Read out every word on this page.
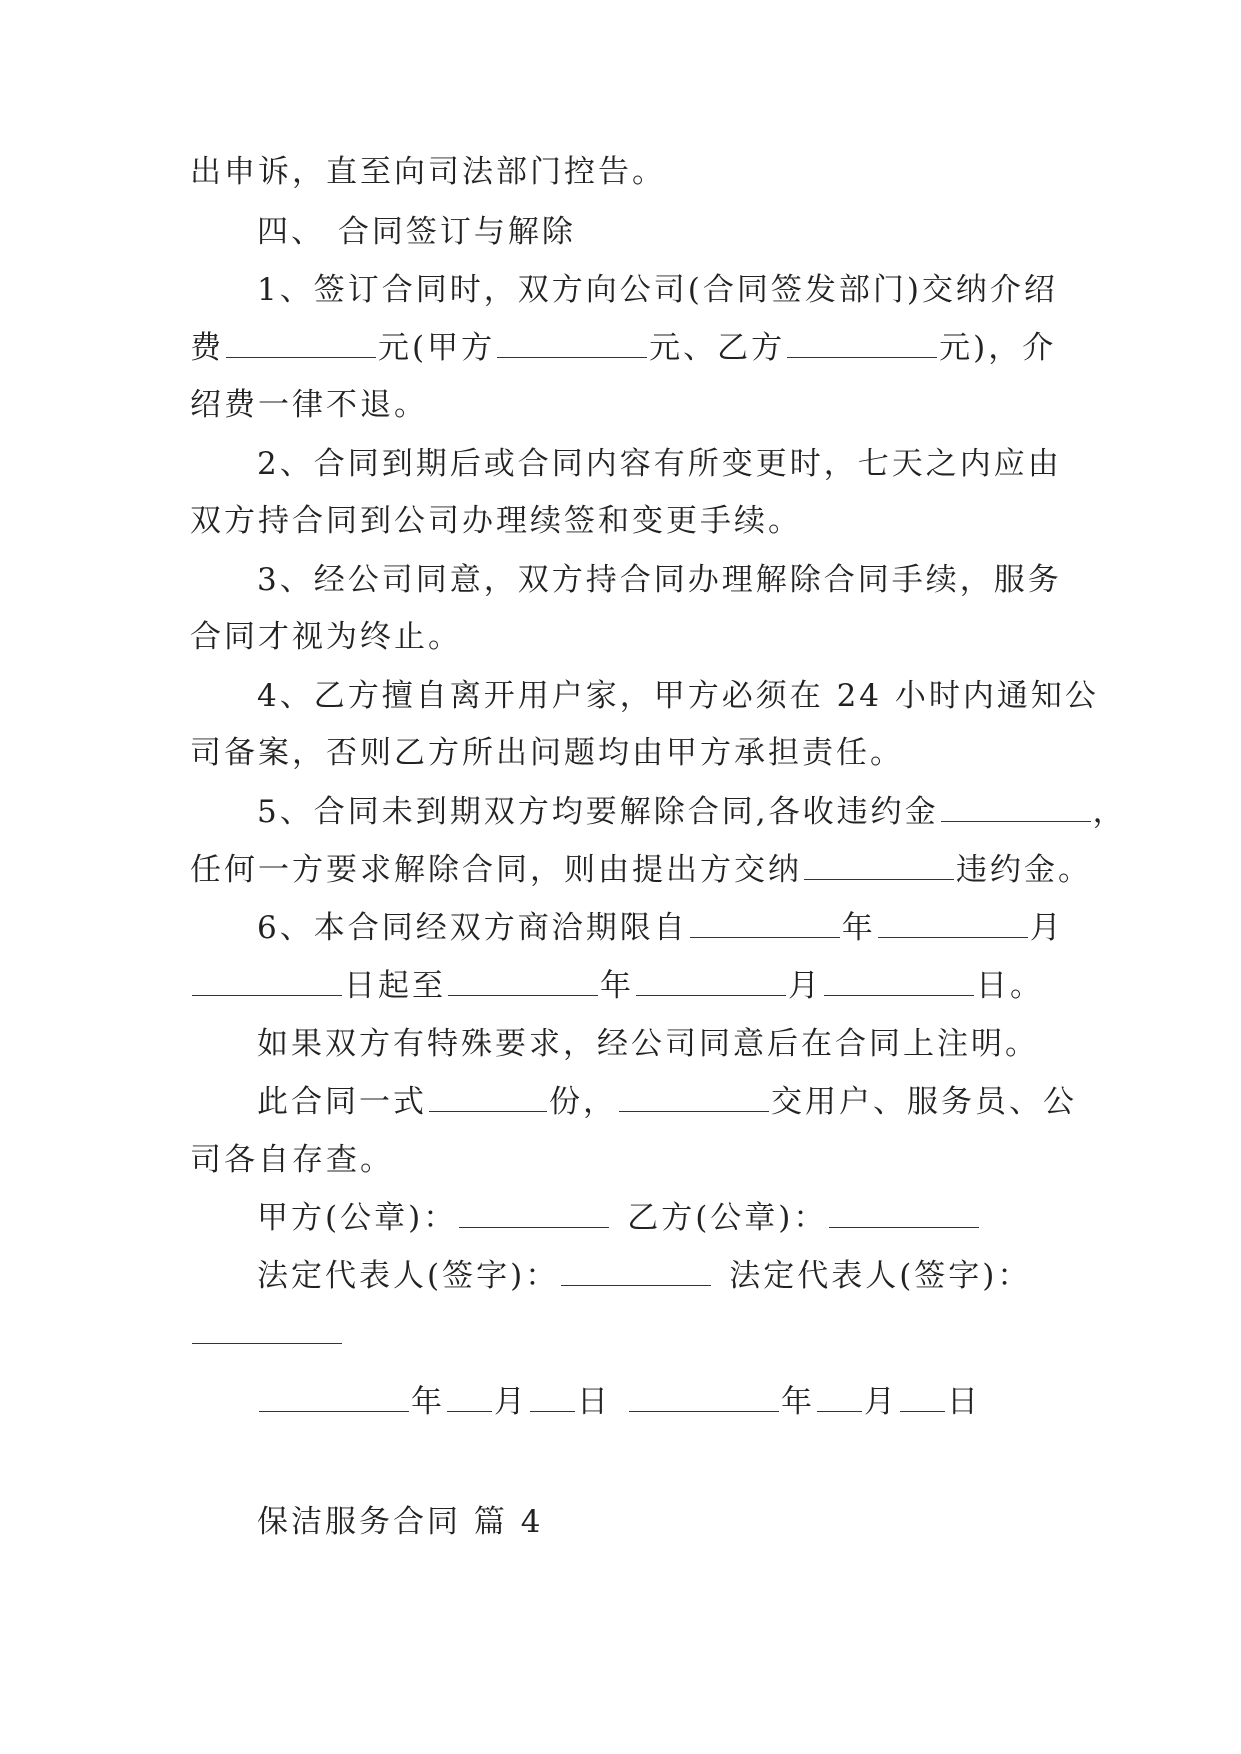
出申诉，直至向司法部门控告。
四、 合同签订与解除
1、签订合同时，双方向公司(合同签发部门)交纳介绍
费	元(甲方	元、乙方	元)，介
绍费一律不退。
2、合同到期后或合同内容有所变更时，七天之内应由
双方持合同到公司办理续签和变更手续。
3、经公司同意，双方持合同办理解除合同手续，服务
合同才视为终止。
4、乙方擅自离开用户家，甲方必须在 24 小时内通知公
司备案，否则乙方所出问题均由甲方承担责任。
5、合同未到期双方均要解除合同,各收违约金	，
任何一方要求解除合同，则由提出方交纳	违约金。
6、本合同经双方商洽期限自	年	月
日起至	年	月	日。
如果双方有特殊要求，经公司同意后在合同上注明。
此合同一式	份，	交用户、服务员、公
司各自存查。
甲方(公章)：	乙方(公章)：
法定代表人(签字)：	法定代表人(签字)：
年 月 日	年 月 日
保洁服务合同 篇 4
